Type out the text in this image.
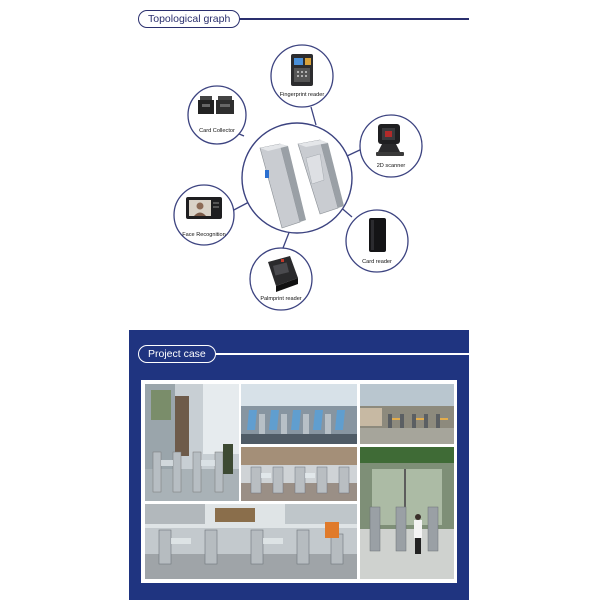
Topological graph
Fingerprint reader
Card Collector
2D scanner
Face Recognition
Card reader
Palmprint reader
Project case
